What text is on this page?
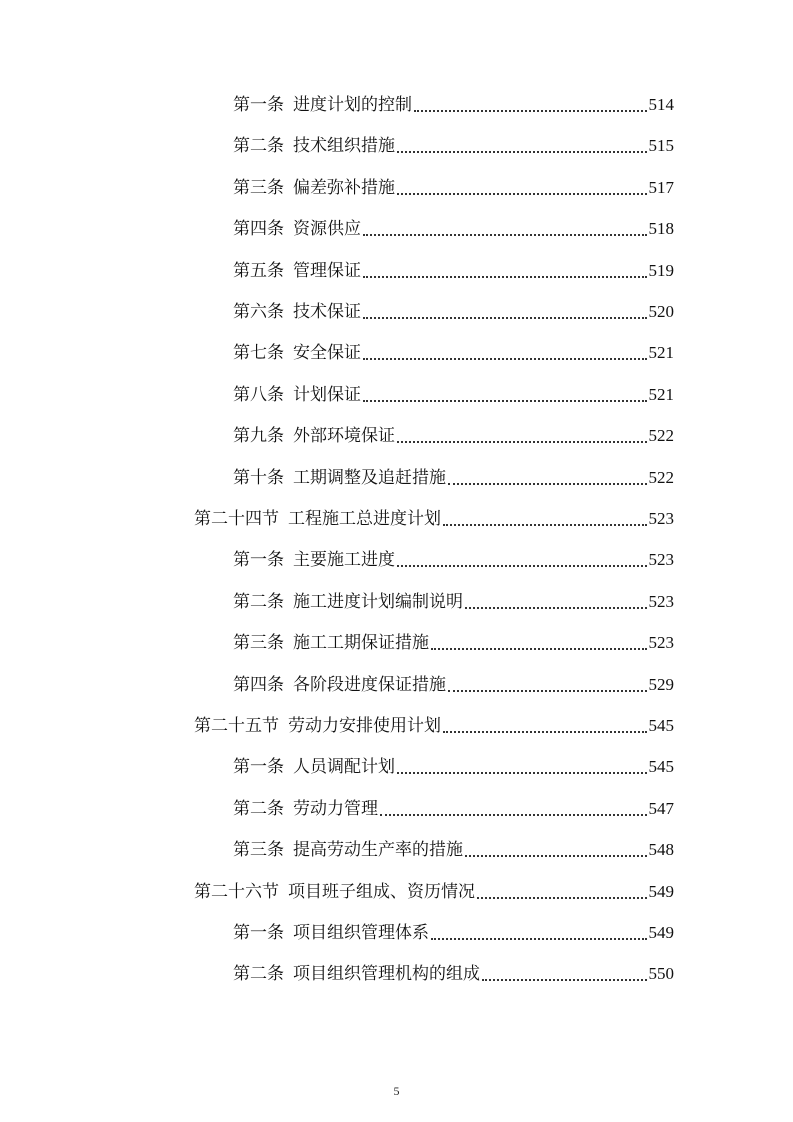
第一条 进度计划的控制	514
第二条 技术组织措施	515
第三条 偏差弥补措施	517
第四条 资源供应	518
第五条 管理保证	519
第六条 技术保证	520
第七条 安全保证	521
第八条 计划保证	521
第九条 外部环境保证	522
第十条 工期调整及追赶措施	522
第二十四节 工程施工总进度计划	523
第一条 主要施工进度	523
第二条 施工进度计划编制说明	523
第三条 施工工期保证措施	523
第四条 各阶段进度保证措施	529
第二十五节 劳动力安排使用计划	545
第一条 人员调配计划	545
第二条 劳动力管理	547
第三条 提高劳动生产率的措施	548
第二十六节 项目班子组成、资历情况	549
第一条 项目组织管理体系	549
第二条 项目组织管理机构的组成	550
5
